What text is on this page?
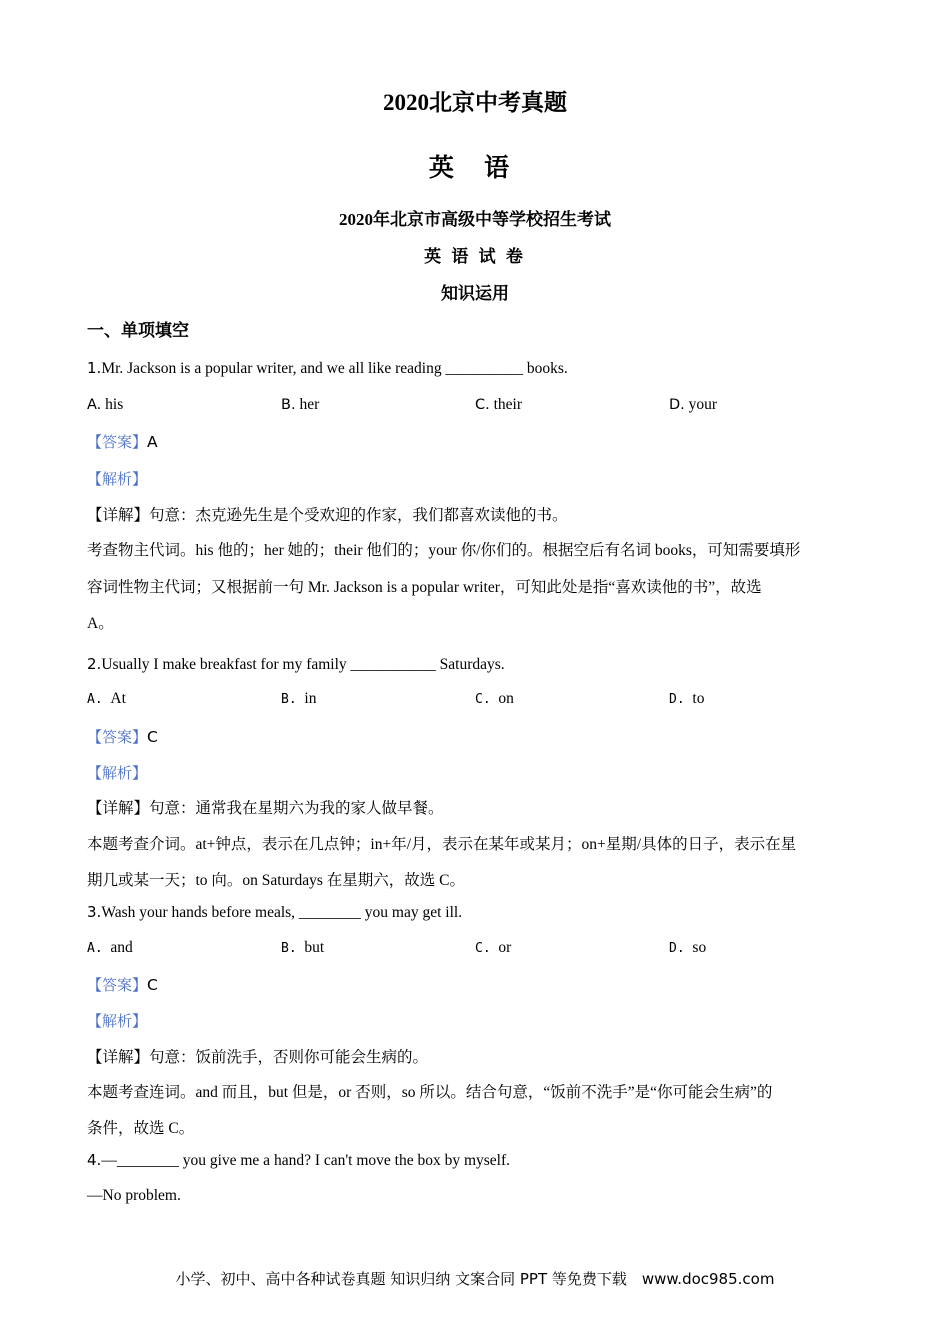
2020北京中考真题
英 语
2020年北京市高级中等学校招生考试
英 语 试 卷
知识运用
一、单项填空
1.Mr. Jackson is a popular writer, and we all like reading __________ books.
A. his	B. her	C. their	D. your
【答案】A
【解析】
【详解】句意：杰克逊先生是个受欢迎的作家，我们都喜欢读他的书。
考查物主代词。his 他的；her 她的；their 他们的；your 你/你们的。根据空后有名词 books，可知需要填形
容词性物主代词；又根据前一句 Mr. Jackson is a popular writer，可知此处是指“喜欢读他的书”，故选
A。
2.Usually I make breakfast for my family ___________ Saturdays.
A. At	B. in	C. on	D. to
【答案】C
【解析】
【详解】句意：通常我在星期六为我的家人做早餐。
本题考查介词。at+钟点，表示在几点钟；in+年/月，表示在某年或某月；on+星期/具体的日子，表示在星
期几或某一天；to 向。on Saturdays 在星期六，故选 C。
3.Wash your hands before meals, ________ you may get ill.
A. and	B. but	C. or	D. so
【答案】C
【解析】
【详解】句意：饭前洗手，否则你可能会生病的。
本题考查连词。and 而且，but 但是，or 否则，so 所以。结合句意，“饭前不洗手”是“你可能会生病”的
条件，故选 C。
4.—________ you give me a hand? I can't move the box by myself.
—No problem.
小学、初中、高中各种试卷真题 知识归纳 文案合同 PPT 等免费下载　www.doc985.com
